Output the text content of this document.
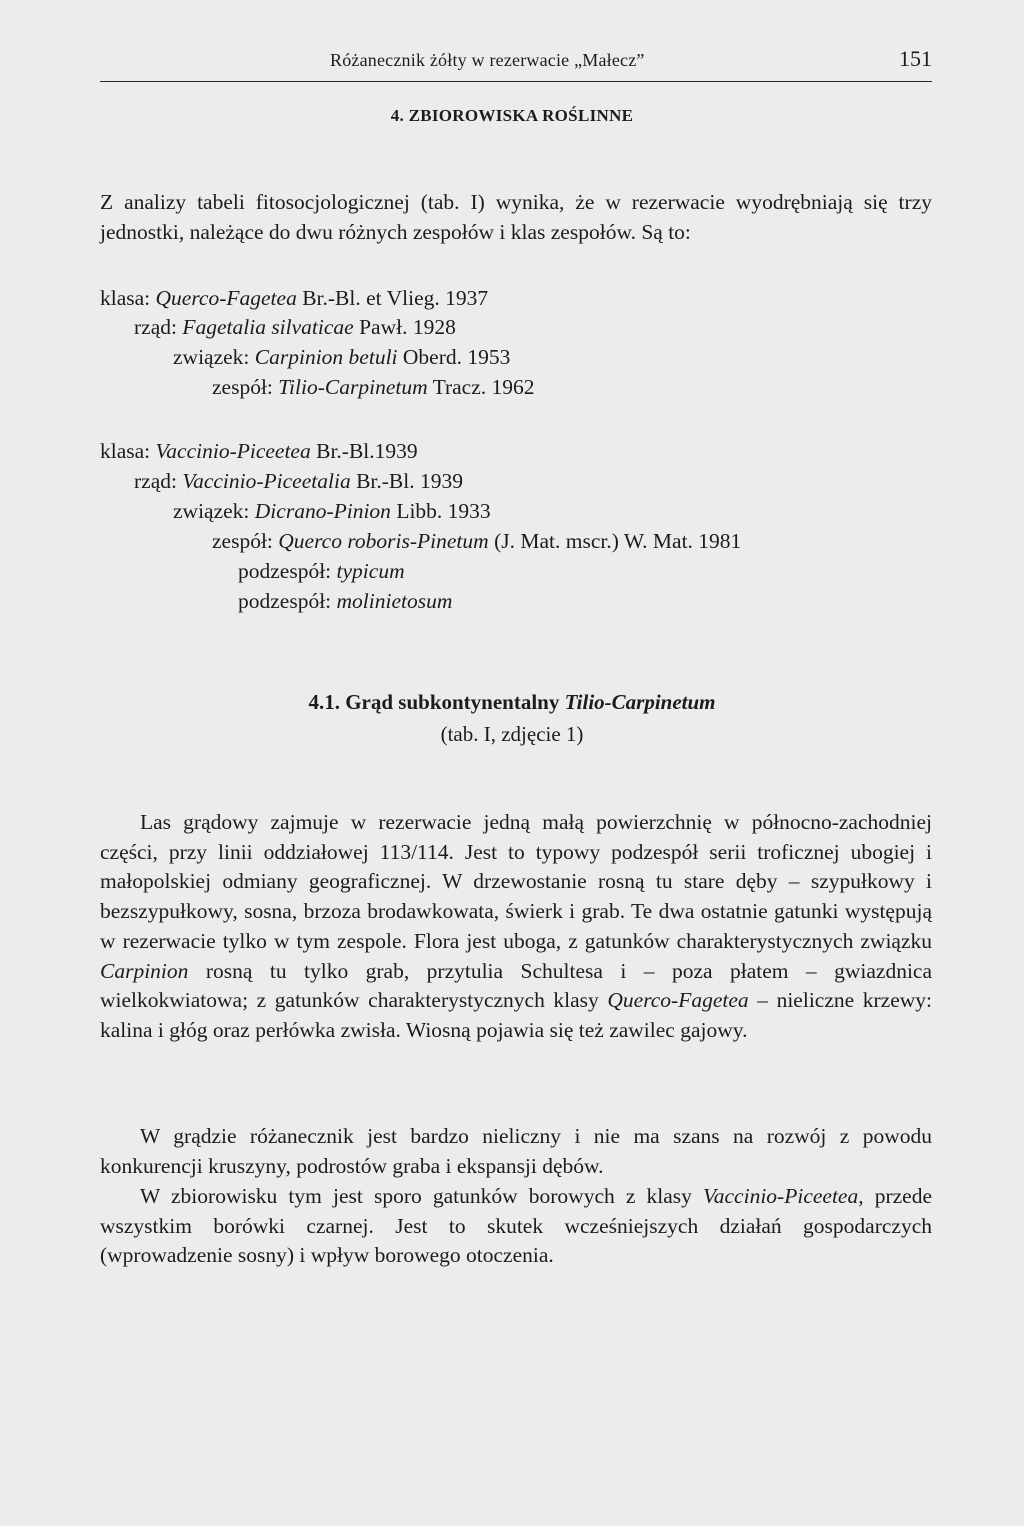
Różanecznik żółty w rezerwacie „Małecz”	151
4. ZBIOROWISKA ROŚLINNE
Z analizy tabeli fitosocjologicznej (tab. I) wynika, że w rezerwacie wyodrębniają się trzy jednostki, należące do dwu różnych zespołów i klas zespołów. Są to:
klasa: Querco-Fagetea Br.-Bl. et Vlieg. 1937
rząd: Fagetalia silvaticae Pawł. 1928
związek: Carpinion betuli Oberd. 1953
zespół: Tilio-Carpinetum Tracz. 1962
klasa: Vaccinio-Piceetea Br.-Bl.1939
rząd: Vaccinio-Piceetalia Br.-Bl. 1939
związek: Dicrano-Pinion Libb. 1933
zespół: Querco roboris-Pinetum (J. Mat. mscr.) W. Mat. 1981
podzespół: typicum
podzespół: molinietosum
4.1. Grąd subkontynentalny Tilio-Carpinetum
(tab. I, zdjęcie 1)
Las grądowy zajmuje w rezerwacie jedną małą powierzchnię w północno-zachodniej części, przy linii oddziałowej 113/114. Jest to typowy podzespół serii troficznej ubogiej i małopolskiej odmiany geograficznej. W drzewostanie rosną tu stare dęby – szypułkowy i bezszypułkowy, sosna, brzoza brodawkowata, świerk i grab. Te dwa ostatnie gatunki występują w rezerwacie tylko w tym zespole. Flora jest uboga, z gatunków charakterystycznych związku Carpinion rosną tu tylko grab, przytulia Schultesa i – poza płatem – gwiazdnica wielkokwiatowa; z gatunków charakterystycznych klasy Querco-Fagetea – nieliczne krzewy: kalina i głóg oraz perłówka zwisła. Wiosną pojawia się też zawilec gajowy.
W grądzie różanecznik jest bardzo nieliczny i nie ma szans na rozwój z powodu konkurencji kruszyny, podrostów graba i ekspansji dębów.
W zbiorowisku tym jest sporo gatunków borowych z klasy Vaccinio-Piceetea, przede wszystkim borówki czarnej. Jest to skutek wcześniejszych działań gospodarczych (wprowadzenie sosny) i wpływ borowego otoczenia.
